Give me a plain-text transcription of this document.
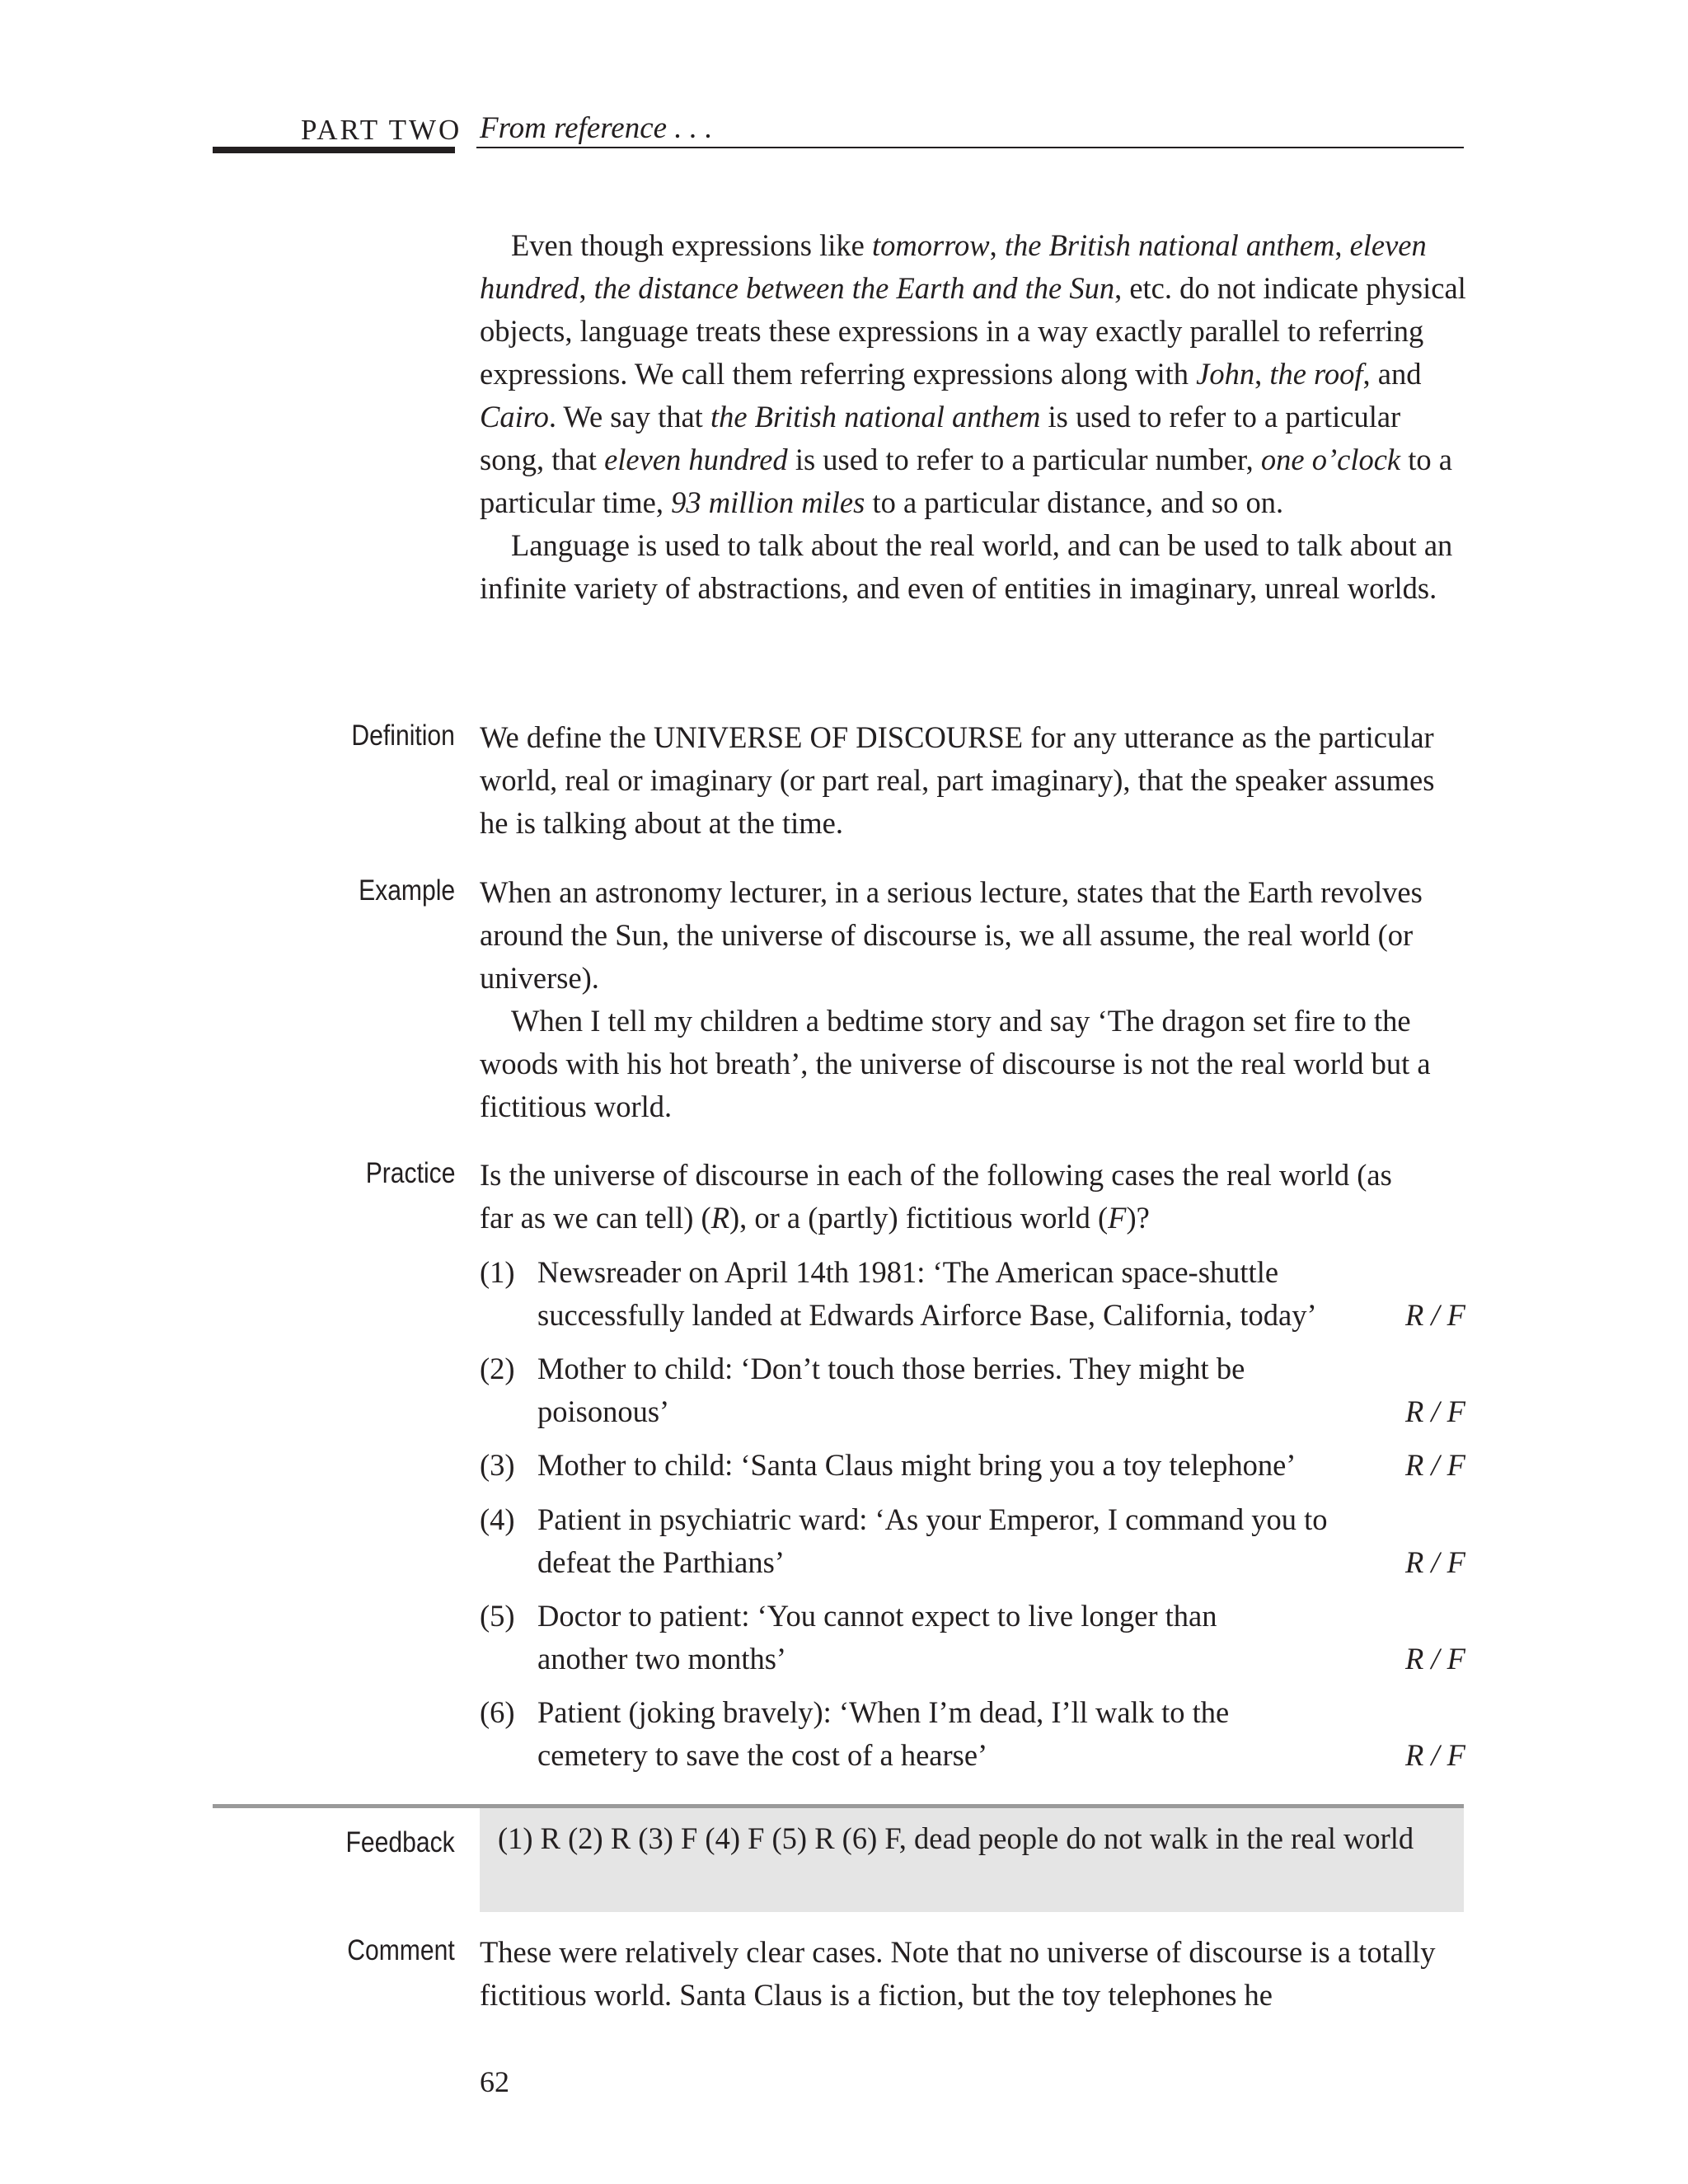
PART TWO From reference . . .

Even though expressions like tomorrow, the British national anthem, eleven hundred, the distance between the Earth and the Sun, etc. do not indicate physical objects, language treats these expressions in a way exactly parallel to referring expressions. We call them referring expressions along with John, the roof, and Cairo. We say that the British national anthem is used to refer to a particular song, that eleven hundred is used to refer to a particular number, one o’clock to a particular time, 93 million miles to a particular distance, and so on.

Language is used to talk about the real world, and can be used to talk about an infinite variety of abstractions, and even of entities in imaginary, unreal worlds.

Definition We define the UNIVERSE OF DISCOURSE for any utterance as the particular world, real or imaginary (or part real, part imaginary), that the speaker assumes he is talking about at the time.

Example When an astronomy lecturer, in a serious lecture, states that the Earth revolves around the Sun, the universe of discourse is, we all assume, the real world (or universe).

When I tell my children a bedtime story and say ‘The dragon set fire to the woods with his hot breath’, the universe of discourse is not the real world but a fictitious world.

Practice Is the universe of discourse in each of the following cases the real world (as far as we can tell) (R), or a (partly) fictitious world (F)?

(1) Newsreader on April 14th 1981: ‘The American space-shuttle successfully landed at Edwards Airforce Base, California, today’	R / F
(2) Mother to child: ‘Don’t touch those berries. They might be poisonous’	R / F
(3) Mother to child: ‘Santa Claus might bring you a toy telephone’	R / F
(4) Patient in psychiatric ward: ‘As your Emperor, I command you to defeat the Parthians’	R / F
(5) Doctor to patient: ‘You cannot expect to live longer than another two months’	R / F
(6) Patient (joking bravely): ‘When I’m dead, I’ll walk to the cemetery to save the cost of a hearse’	R / F
Feedback (1) R (2) R (3) F (4) F (5) R (6) F, dead people do not walk in the real world
Comment These were relatively clear cases. Note that no universe of discourse is a totally fictitious world. Santa Claus is a fiction, but the toy telephones he

62
